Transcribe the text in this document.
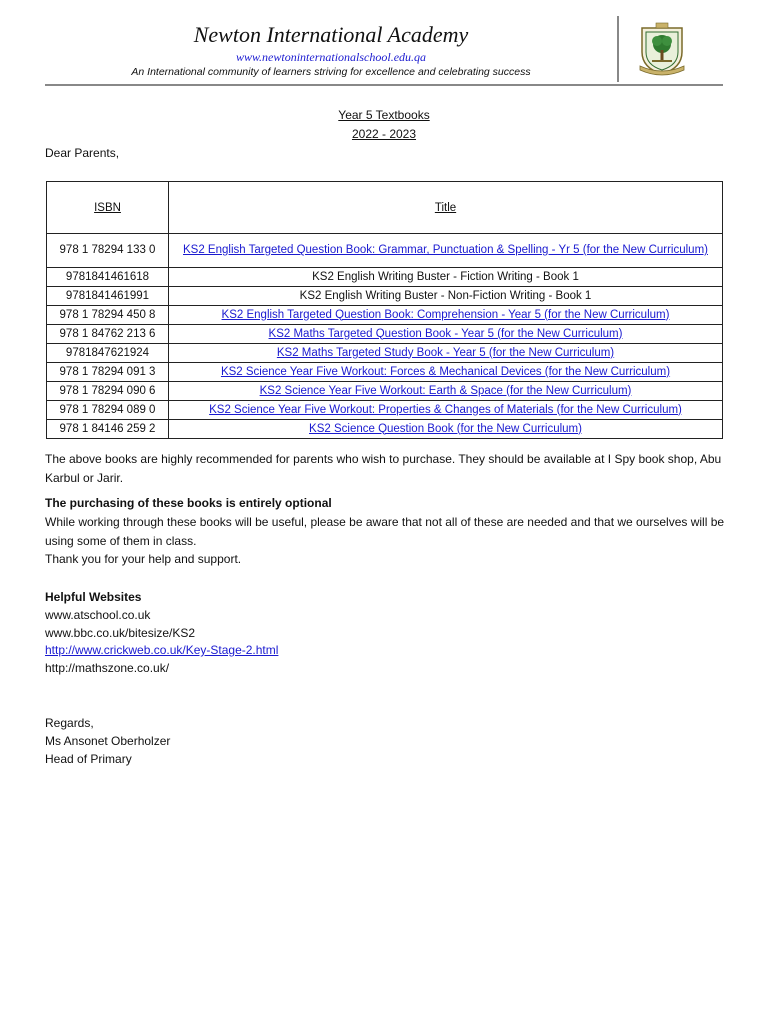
Newton International Academy
www.newtoninternationalschool.edu.qa
An International community of learners striving for excellence and celebrating success
Year 5 Textbooks
2022 - 2023
Dear Parents,
ISBN	Title
978 1 78294 133 0	KS2 English Targeted Question Book: Grammar, Punctuation & Spelling - Yr 5 (for the New Curriculum)
9781841461618	KS2 English Writing Buster - Fiction Writing - Book 1
9781841461991	KS2 English Writing Buster - Non-Fiction Writing - Book 1
978 1 78294 450 8	KS2 English Targeted Question Book: Comprehension - Year 5 (for the New Curriculum)
978 1 84762 213 6	KS2 Maths Targeted Question Book - Year 5 (for the New Curriculum)
9781847621924	KS2 Maths Targeted Study Book - Year 5 (for the New Curriculum)
978 1 78294 091 3	KS2 Science Year Five Workout: Forces & Mechanical Devices (for the New Curriculum)
978 1 78294 090 6	KS2 Science Year Five Workout: Earth & Space (for the New Curriculum)
978 1 78294 089 0	KS2 Science Year Five Workout: Properties & Changes of Materials (for the New Curriculum)
978 1 84146 259 2	KS2 Science Question Book (for the New Curriculum)
The above books are highly recommended for parents who wish to purchase. They should be available at I Spy book shop, Abu Karbul or Jarir.
The purchasing of these books is entirely optional
While working through these books will be useful, please be aware that not all of these are needed and that we ourselves will be using some of them in class.
Thank you for your help and support.
Helpful Websites
www.atschool.co.uk
www.bbc.co.uk/bitesize/KS2
http://www.crickweb.co.uk/Key-Stage-2.html
http://mathszone.co.uk/
Regards,
Ms Ansonet Oberholzer
Head of Primary
